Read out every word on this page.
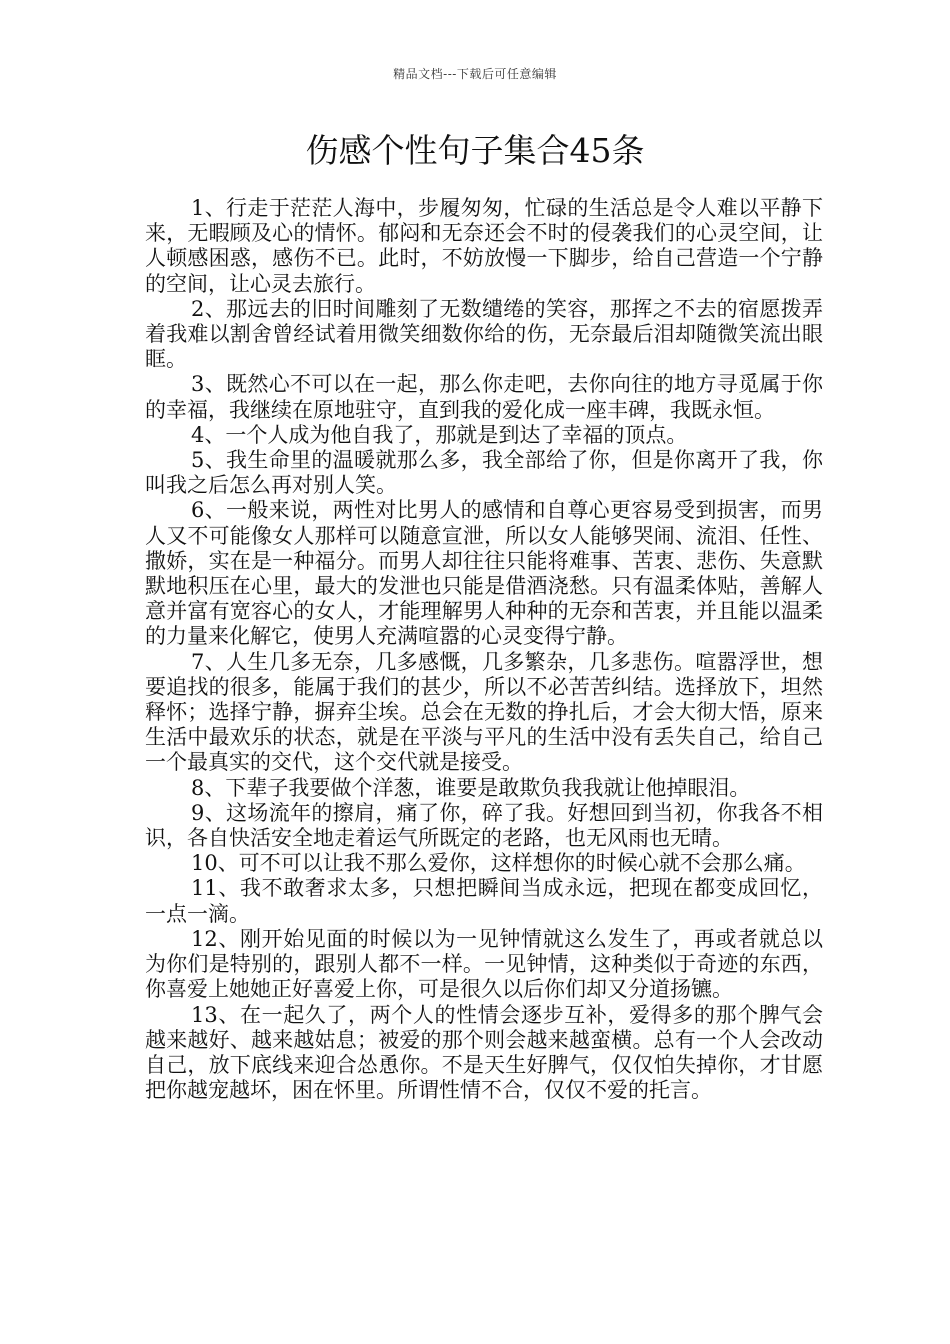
精品文档---下载后可任意编辑
伤感个性句子集合45条

1、行走于茫茫人海中，步履匆匆，忙碌的生活总是令人难以平静下来，无暇顾及心的情怀。郁闷和无奈还会不时的侵袭我们的心灵空间，让人顿感困惑，感伤不已。此时，不妨放慢一下脚步，给自己营造一个宁静的空间，让心灵去旅行。

2、那远去的旧时间雕刻了无数缱绻的笑容，那挥之不去的宿愿拨弄着我难以割舍曾经试着用微笑细数你给的伤，无奈最后泪却随微笑流出眼眶。

3、既然心不可以在一起，那么你走吧，去你向往的地方寻觅属于你的幸福，我继续在原地驻守，直到我的爱化成一座丰碑，我既永恒。

4、一个人成为他自我了，那就是到达了幸福的顶点。

5、我生命里的温暖就那么多，我全部给了你，但是你离开了我，你叫我之后怎么再对别人笑。

6、一般来说，两性对比男人的感情和自尊心更容易受到损害，而男人又不可能像女人那样可以随意宣泄，所以女人能够哭闹、流泪、任性、撒娇，实在是一种福分。而男人却往往只能将难事、苦衷、悲伤、失意默默地积压在心里，最大的发泄也只能是借酒浇愁。只有温柔体贴，善解人意并富有宽容心的女人，才能理解男人种种的无奈和苦衷，并且能以温柔的力量来化解它，使男人充满喧嚣的心灵变得宁静。

7、人生几多无奈，几多感慨，几多繁杂，几多悲伤。喧嚣浮世，想要追找的很多，能属于我们的甚少，所以不必苦苦纠结。选择放下，坦然释怀；选择宁静，摒弃尘埃。总会在无数的挣扎后，才会大彻大悟，原来生活中最欢乐的状态，就是在平淡与平凡的生活中没有丢失自己，给自己一个最真实的交代，这个交代就是接受。

8、下辈子我要做个洋葱，谁要是敢欺负我我就让他掉眼泪。

9、这场流年的擦肩，痛了你，碎了我。好想回到当初，你我各不相识，各自快活安全地走着运气所既定的老路，也无风雨也无晴。

10、可不可以让我不那么爱你，这样想你的时候心就不会那么痛。

11、我不敢奢求太多，只想把瞬间当成永远，把现在都变成回忆，一点一滴。

12、刚开始见面的时候以为一见钟情就这么发生了，再或者就总以为你们是特别的，跟别人都不一样。一见钟情，这种类似于奇迹的东西，你喜爱上她她正好喜爱上你，可是很久以后你们却又分道扬镳。

13、在一起久了，两个人的性情会逐步互补，爱得多的那个脾气会越来越好、越来越姑息；被爱的那个则会越来越蛮横。总有一个人会改动自己，放下底线来迎合怂恿你。不是天生好脾气，仅仅怕失掉你，才甘愿把你越宠越坏，困在怀里。所谓性情不合，仅仅不爱的托言。
